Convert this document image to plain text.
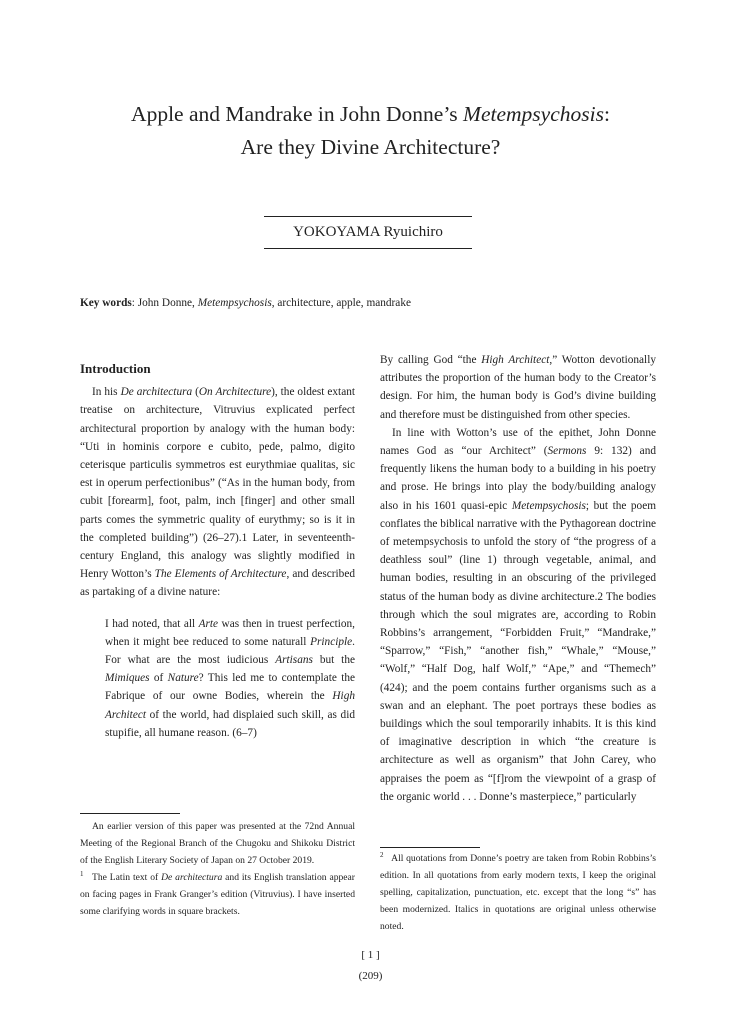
Apple and Mandrake in John Donne’s Metempsychosis:
Are they Divine Architecture?
YOKOYAMA Ryuichiro
Key words: John Donne, Metempsychosis, architecture, apple, mandrake
Introduction

In his De architectura (On Architecture), the oldest extant treatise on architecture, Vitruvius explicated perfect architectural proportion by analogy with the human body: “Uti in hominis corpore e cubito, pede, palmo, digito ceterisque particulis symmetros est eurythmiae qualitas, sic est in operum perfectionibus” (“As in the human body, from cubit [forearm], foot, palm, inch [finger] and other small parts comes the symmetric quality of eurythmy; so is it in the completed building”) (26–27).1 Later, in seventeenth-century England, this analogy was slightly modified in Henry Wotton’s The Elements of Architecture, and described as partaking of a divine nature:

I had noted, that all Arte was then in truest perfection, when it might bee reduced to some naturall Principle. For what are the most iudicious Artisans but the Mimiques of Nature? This led me to contemplate the Fabrique of our owne Bodies, wherein the High Architect of the world, had displaied such skill, as did stupifie, all humane reason. (6–7)

By calling God “the High Architect,” Wotton devotionally attributes the proportion of the human body to the Creator’s design. For him, the human body is God’s divine building and therefore must be distinguished from other species.

In line with Wotton’s use of the epithet, John Donne names God as “our Architect” (Sermons 9: 132) and frequently likens the human body to a building in his poetry and prose. He brings into play the body/building analogy also in his 1601 quasi-epic Metempsychosis; but the poem conflates the biblical narrative with the Pythagorean doctrine of metempsychosis to unfold the story of “the progress of a deathless soul” (line 1) through vegetable, animal, and human bodies, resulting in an obscuring of the privileged status of the human body as divine architecture.2 The bodies through which the soul migrates are, according to Robin Robbins’s arrangement, “Forbidden Fruit,” “Mandrake,” “Sparrow,” “Fish,” “another fish,” “Whale,” “Mouse,” “Wolf,” “Half Dog, half Wolf,” “Ape,” and “Themech” (424); and the poem contains further organisms such as a swan and an elephant. The poet portrays these bodies as buildings which the soul temporarily inhabits. It is this kind of imaginative description in which “the creature is architecture as well as organism” that John Carey, who appraises the poem as “[f]rom the viewpoint of a grasp of the organic world . . . Donne’s masterpiece,” particularly

An earlier version of this paper was presented at the 72nd Annual Meeting of the Regional Branch of the Chugoku and Shikoku District of the English Literary Society of Japan on 27 October 2019.

$^1$ The Latin text of De architectura and its English translation appear on facing pages in Frank Granger’s edition (Vitruvius). I have inserted some clarifying words in square brackets.

$^2$ All quotations from Donne’s poetry are taken from Robin Robbins’s edition. In all quotations from early modern texts, I keep the original spelling, capitalization, punctuation, etc. except that the long “s” has been modernized. Italics in quotations are original unless otherwise noted.

[ 1 ]
(209)
